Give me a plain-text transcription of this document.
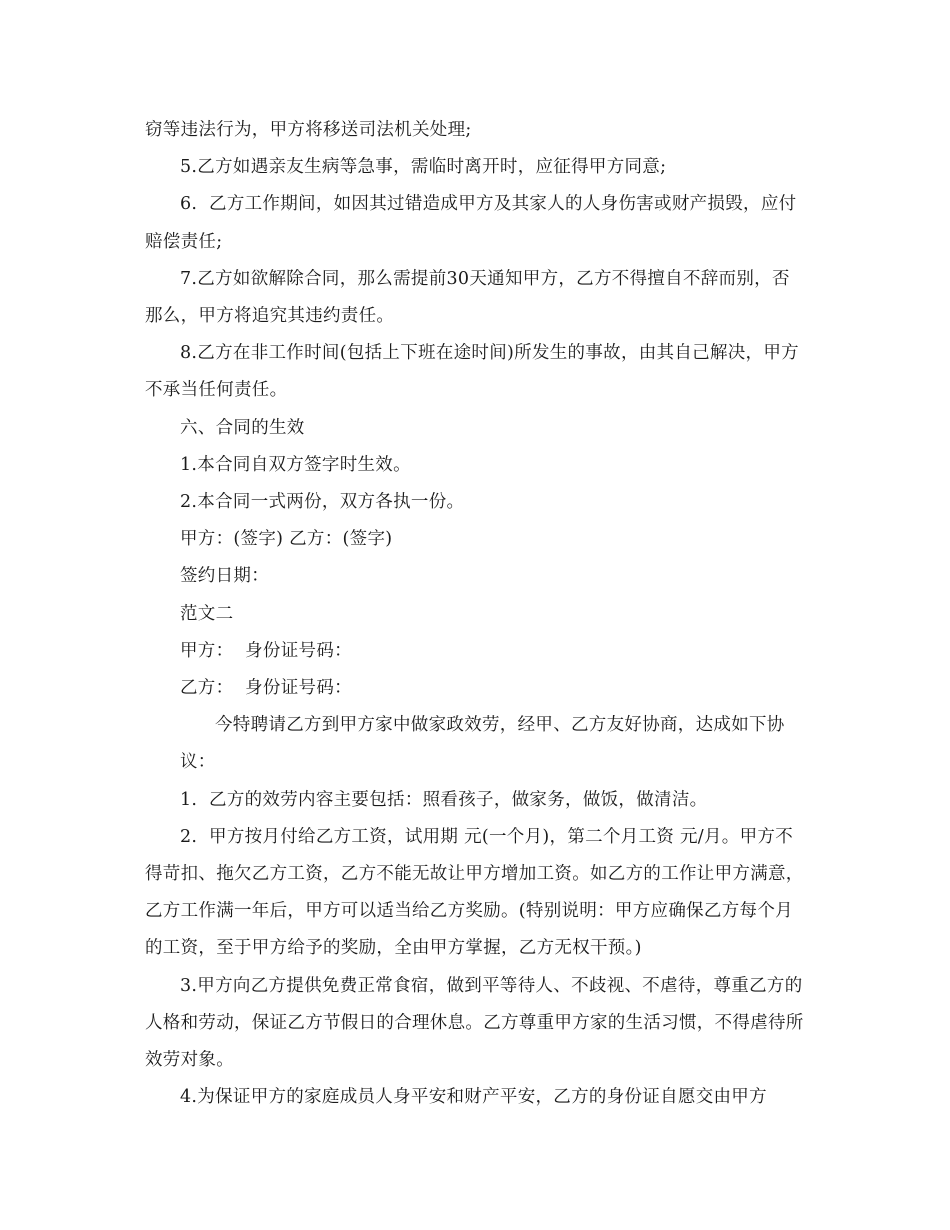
窃等违法行为，甲方将移送司法机关处理;

5.乙方如遇亲友生病等急事，需临时离开时，应征得甲方同意;

6.  乙方工作期间，如因其过错造成甲方及其家人的人身伤害或财产损毁，应付赔偿责任;

7.乙方如欲解除合同，那么需提前30天通知甲方，乙方不得擅自不辞而别，否那么，甲方将追究其违约责任。

8.乙方在非工作时间(包括上下班在途时间)所发生的事故，由其自己解决，甲方不承当任何责任。

六、合同的生效

1.本合同自双方签字时生效。

2.本合同一式两份，双方各执一份。

甲方：(签字) 乙方：(签字)

签约日期：

范文二

甲方：  身份证号码：

乙方：  身份证号码：

今特聘请乙方到甲方家中做家政效劳，经甲、乙方友好协商，达成如下协议：

1.  乙方的效劳内容主要包括：照看孩子，做家务，做饭，做清洁。

2.  甲方按月付给乙方工资，试用期 元(一个月)，第二个月工资 元/月。甲方不得苛扣、拖欠乙方工资，乙方不能无故让甲方增加工资。如乙方的工作让甲方满意，乙方工作满一年后，甲方可以适当给乙方奖励。(特别说明：甲方应确保乙方每个月的工资，至于甲方给予的奖励，全由甲方掌握，乙方无权干预。)

3.甲方向乙方提供免费正常食宿，做到平等待人、不歧视、不虐待，尊重乙方的人格和劳动，保证乙方节假日的合理休息。乙方尊重甲方家的生活习惯，不得虐待所效劳对象。

4.为保证甲方的家庭成员人身平安和财产平安，乙方的身份证自愿交由甲方
